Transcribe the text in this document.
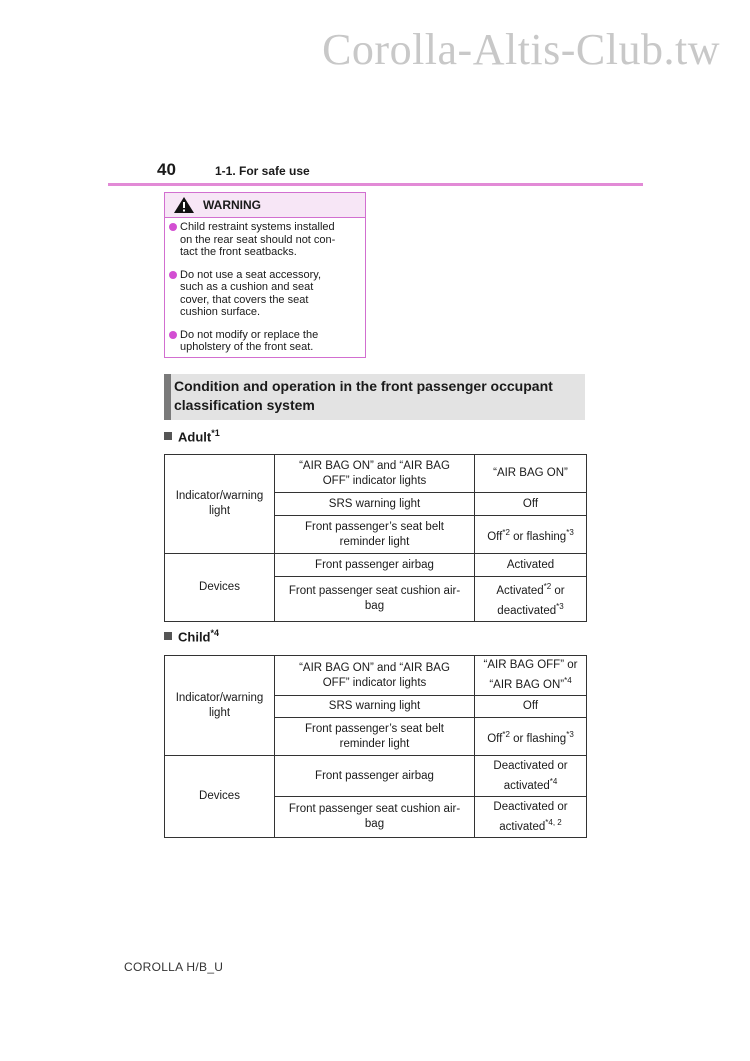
Corolla-Altis-Club.tw
40	1-1. For safe use
WARNING
Child restraint systems installed
on the rear seat should not con-
tact the front seatbacks.
Do not use a seat accessory,
such as a cushion and seat
cover, that covers the seat
cushion surface.
Do not modify or replace the
upholstery of the front seat.
Condition and operation in the front passenger occupant
classification system
Adult$^{*1}$
Indicator/warning light	“AIR BAG ON” and “AIR BAG
OFF” indicator lights	“AIR BAG ON”
	SRS warning light	Off
	Front passenger’s seat belt
reminder light	Off$^{*2}$ or flashing$^{*3}$
Devices	Front passenger airbag	Activated
	Front passenger seat cushion air-
bag	Activated$^{*2}$ or
deactivated$^{*3}$
Child$^{*4}$
Indicator/warning light	“AIR BAG ON” and “AIR BAG
OFF” indicator lights	“AIR BAG OFF” or
“AIR BAG ON”$^{*4}$
	SRS warning light	Off
	Front passenger’s seat belt
reminder light	Off$^{*2}$ or flashing$^{*3}$
Devices	Front passenger airbag	Deactivated or
activated$^{*4}$
	Front passenger seat cushion air-
bag	Deactivated or
activated$^{*4, 2}$
COROLLA H/B_U
